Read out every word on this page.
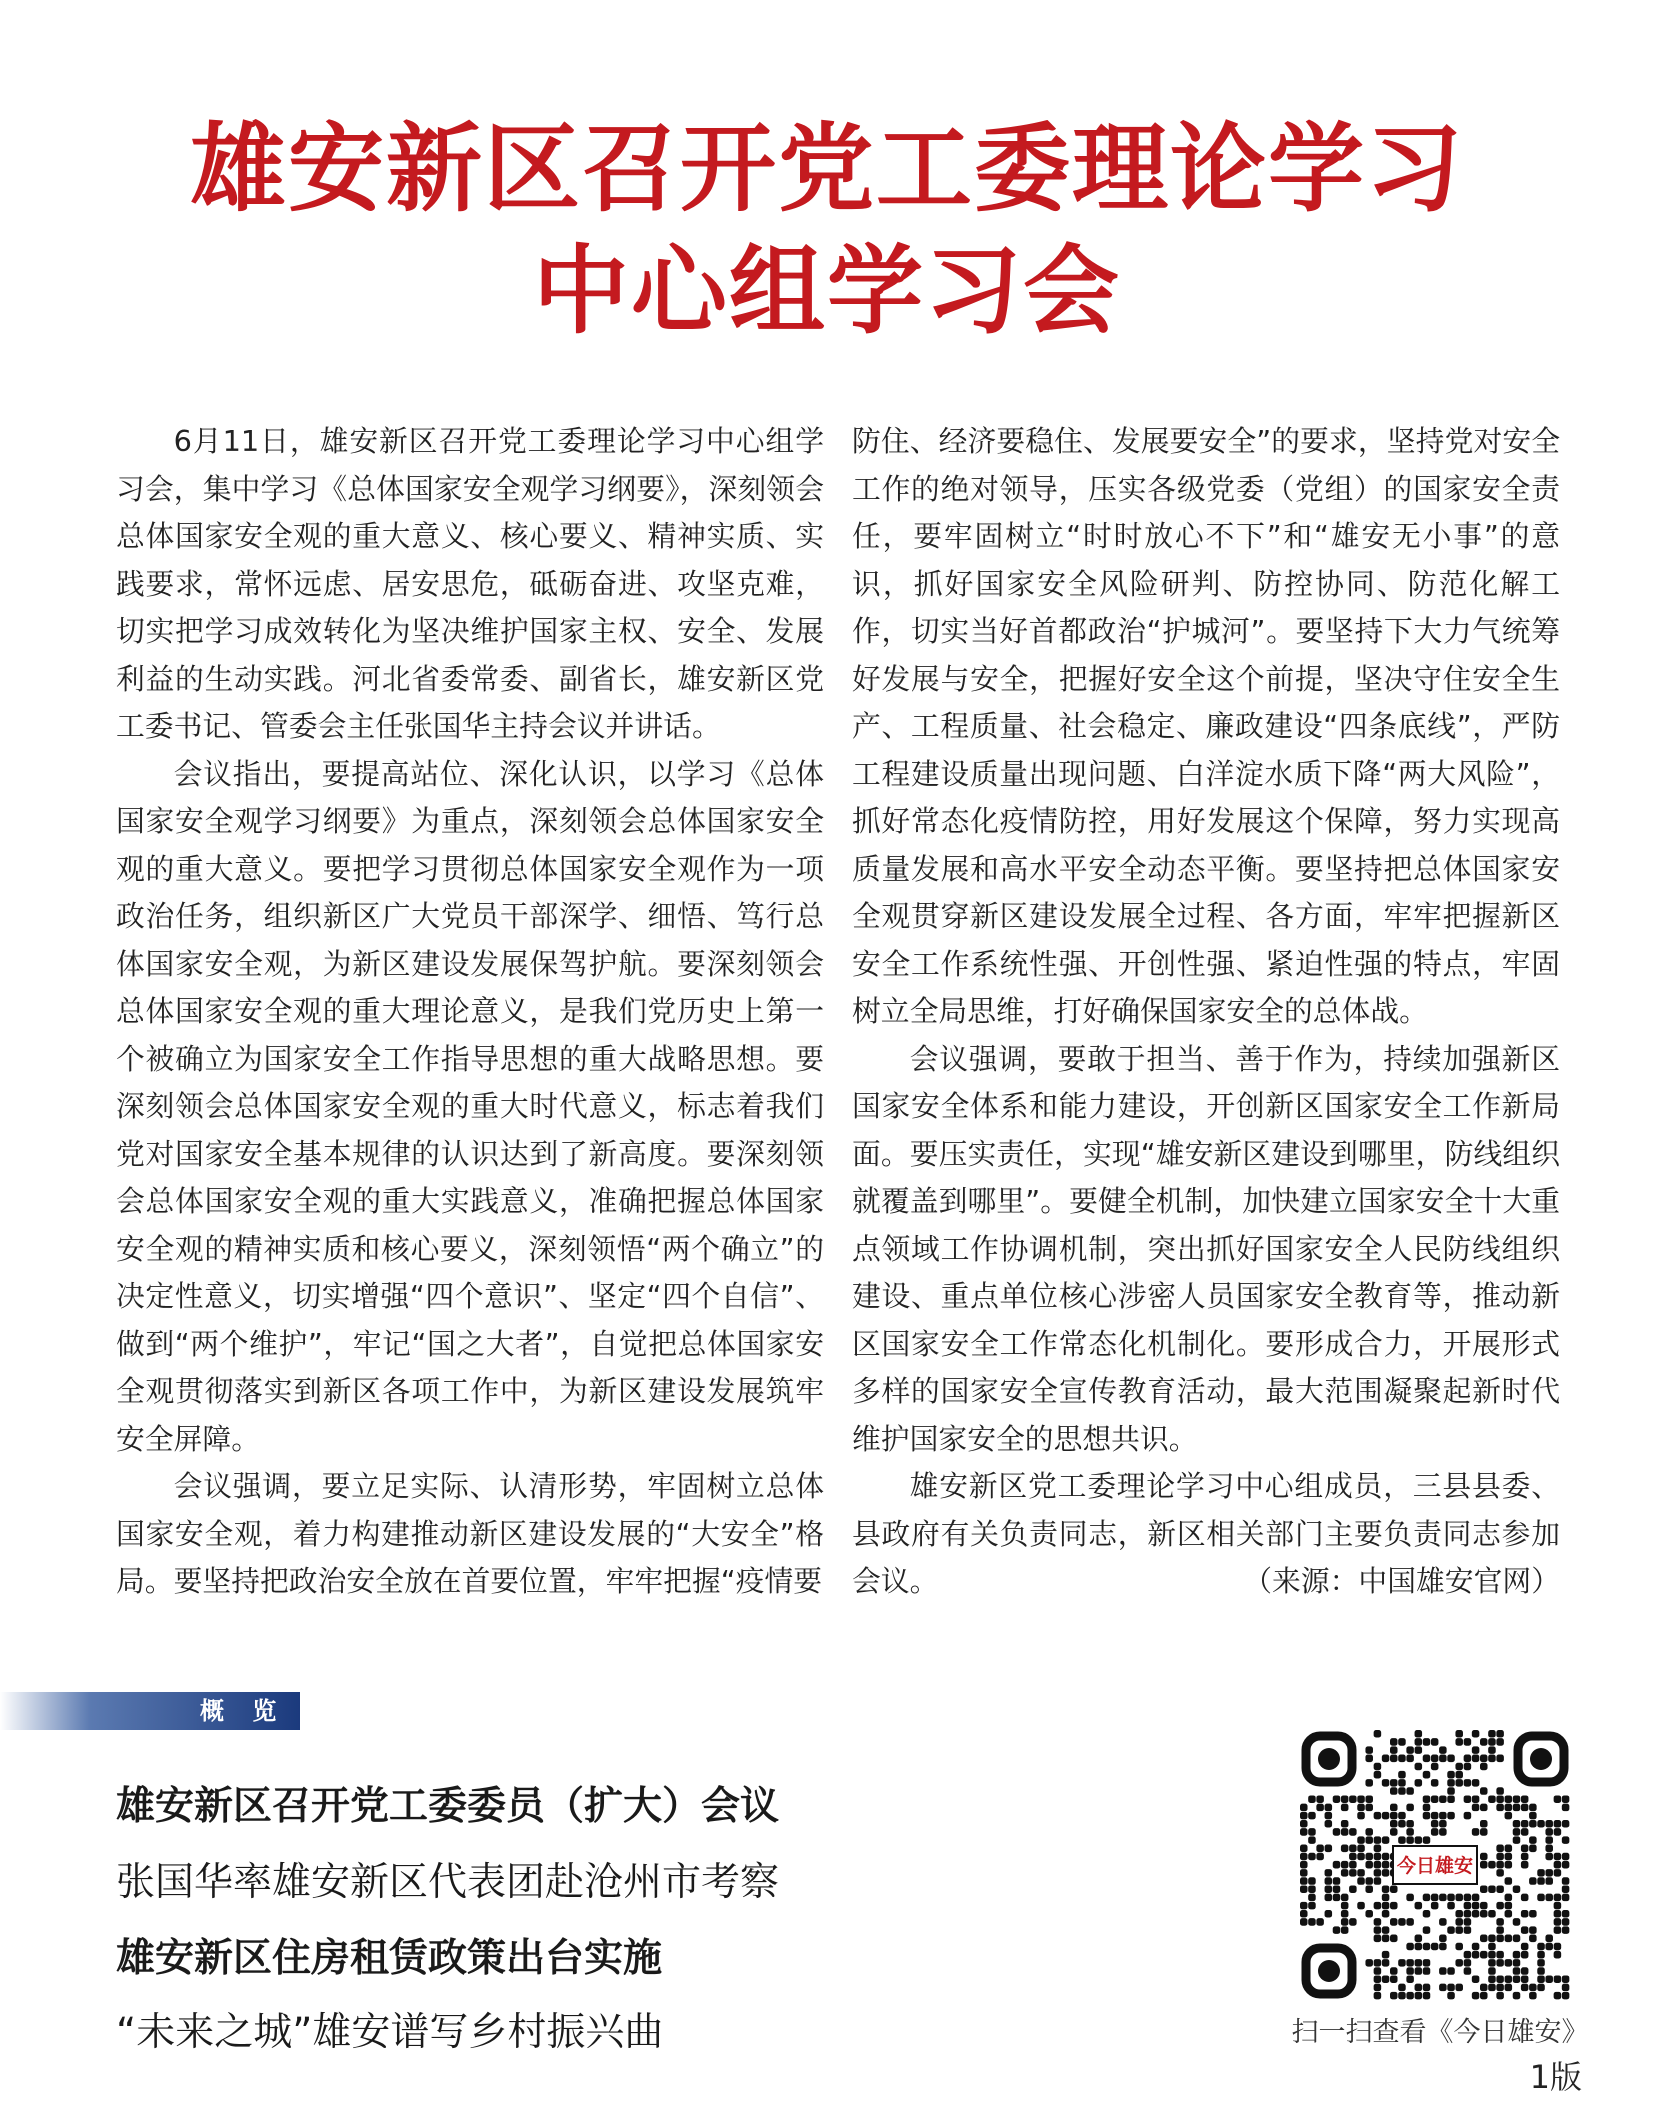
雄安新区召开党工委理论学习
中心组学习会

6月11日，雄安新区召开党工委理论学习中心组学习会，集中学习《总体国家安全观学习纲要》，深刻领会总体国家安全观的重大意义、核心要义、精神实质、实践要求，常怀远虑、居安思危，砥砺奋进、攻坚克难，切实把学习成效转化为坚决维护国家主权、安全、发展利益的生动实践。河北省委常委、副省长，雄安新区党工委书记、管委会主任张国华主持会议并讲话。

会议指出，要提高站位、深化认识，以学习《总体国家安全观学习纲要》为重点，深刻领会总体国家安全观的重大意义。要把学习贯彻总体国家安全观作为一项政治任务，组织新区广大党员干部深学、细悟、笃行总体国家安全观，为新区建设发展保驾护航。要深刻领会总体国家安全观的重大理论意义，是我们党历史上第一个被确立为国家安全工作指导思想的重大战略思想。要深刻领会总体国家安全观的重大时代意义，标志着我们党对国家安全基本规律的认识达到了新高度。要深刻领会总体国家安全观的重大实践意义，准确把握总体国家安全观的精神实质和核心要义，深刻领悟“两个确立”的决定性意义，切实增强“四个意识”、坚定“四个自信”、做到“两个维护”，牢记“国之大者”，自觉把总体国家安全观贯彻落实到新区各项工作中，为新区建设发展筑牢安全屏障。

会议强调，要立足实际、认清形势，牢固树立总体国家安全观，着力构建推动新区建设发展的“大安全”格局。要坚持把政治安全放在首要位置，牢牢把握“疫情要

防住、经济要稳住、发展要安全”的要求，坚持党对安全工作的绝对领导，压实各级党委（党组）的国家安全责任，要牢固树立“时时放心不下”和“雄安无小事”的意识，抓好国家安全风险研判、防控协同、防范化解工作，切实当好首都政治“护城河”。要坚持下大力气统筹好发展与安全，把握好安全这个前提，坚决守住安全生产、工程质量、社会稳定、廉政建设“四条底线”，严防工程建设质量出现问题、白洋淀水质下降“两大风险”，抓好常态化疫情防控，用好发展这个保障，努力实现高质量发展和高水平安全动态平衡。要坚持把总体国家安全观贯穿新区建设发展全过程、各方面，牢牢把握新区安全工作系统性强、开创性强、紧迫性强的特点，牢固树立全局思维，打好确保国家安全的总体战。

会议强调，要敢于担当、善于作为，持续加强新区国家安全体系和能力建设，开创新区国家安全工作新局面。要压实责任，实现“雄安新区建设到哪里，防线组织就覆盖到哪里”。要健全机制，加快建立国家安全十大重点领域工作协调机制，突出抓好国家安全人民防线组织建设、重点单位核心涉密人员国家安全教育等，推动新区国家安全工作常态化机制化。要形成合力，开展形式多样的国家安全宣传教育活动，最大范围凝聚起新时代维护国家安全的思想共识。

雄安新区党工委理论学习中心组成员，三县县委、县政府有关负责同志，新区相关部门主要负责同志参加会议。	（来源：中国雄安官网）

概 览
雄安新区召开党工委委员（扩大）会议
张国华率雄安新区代表团赴沧州市考察
雄安新区住房租赁政策出台实施
“未来之城”雄安谱写乡村振兴曲
今日雄安
扫一扫查看《今日雄安》
1版
